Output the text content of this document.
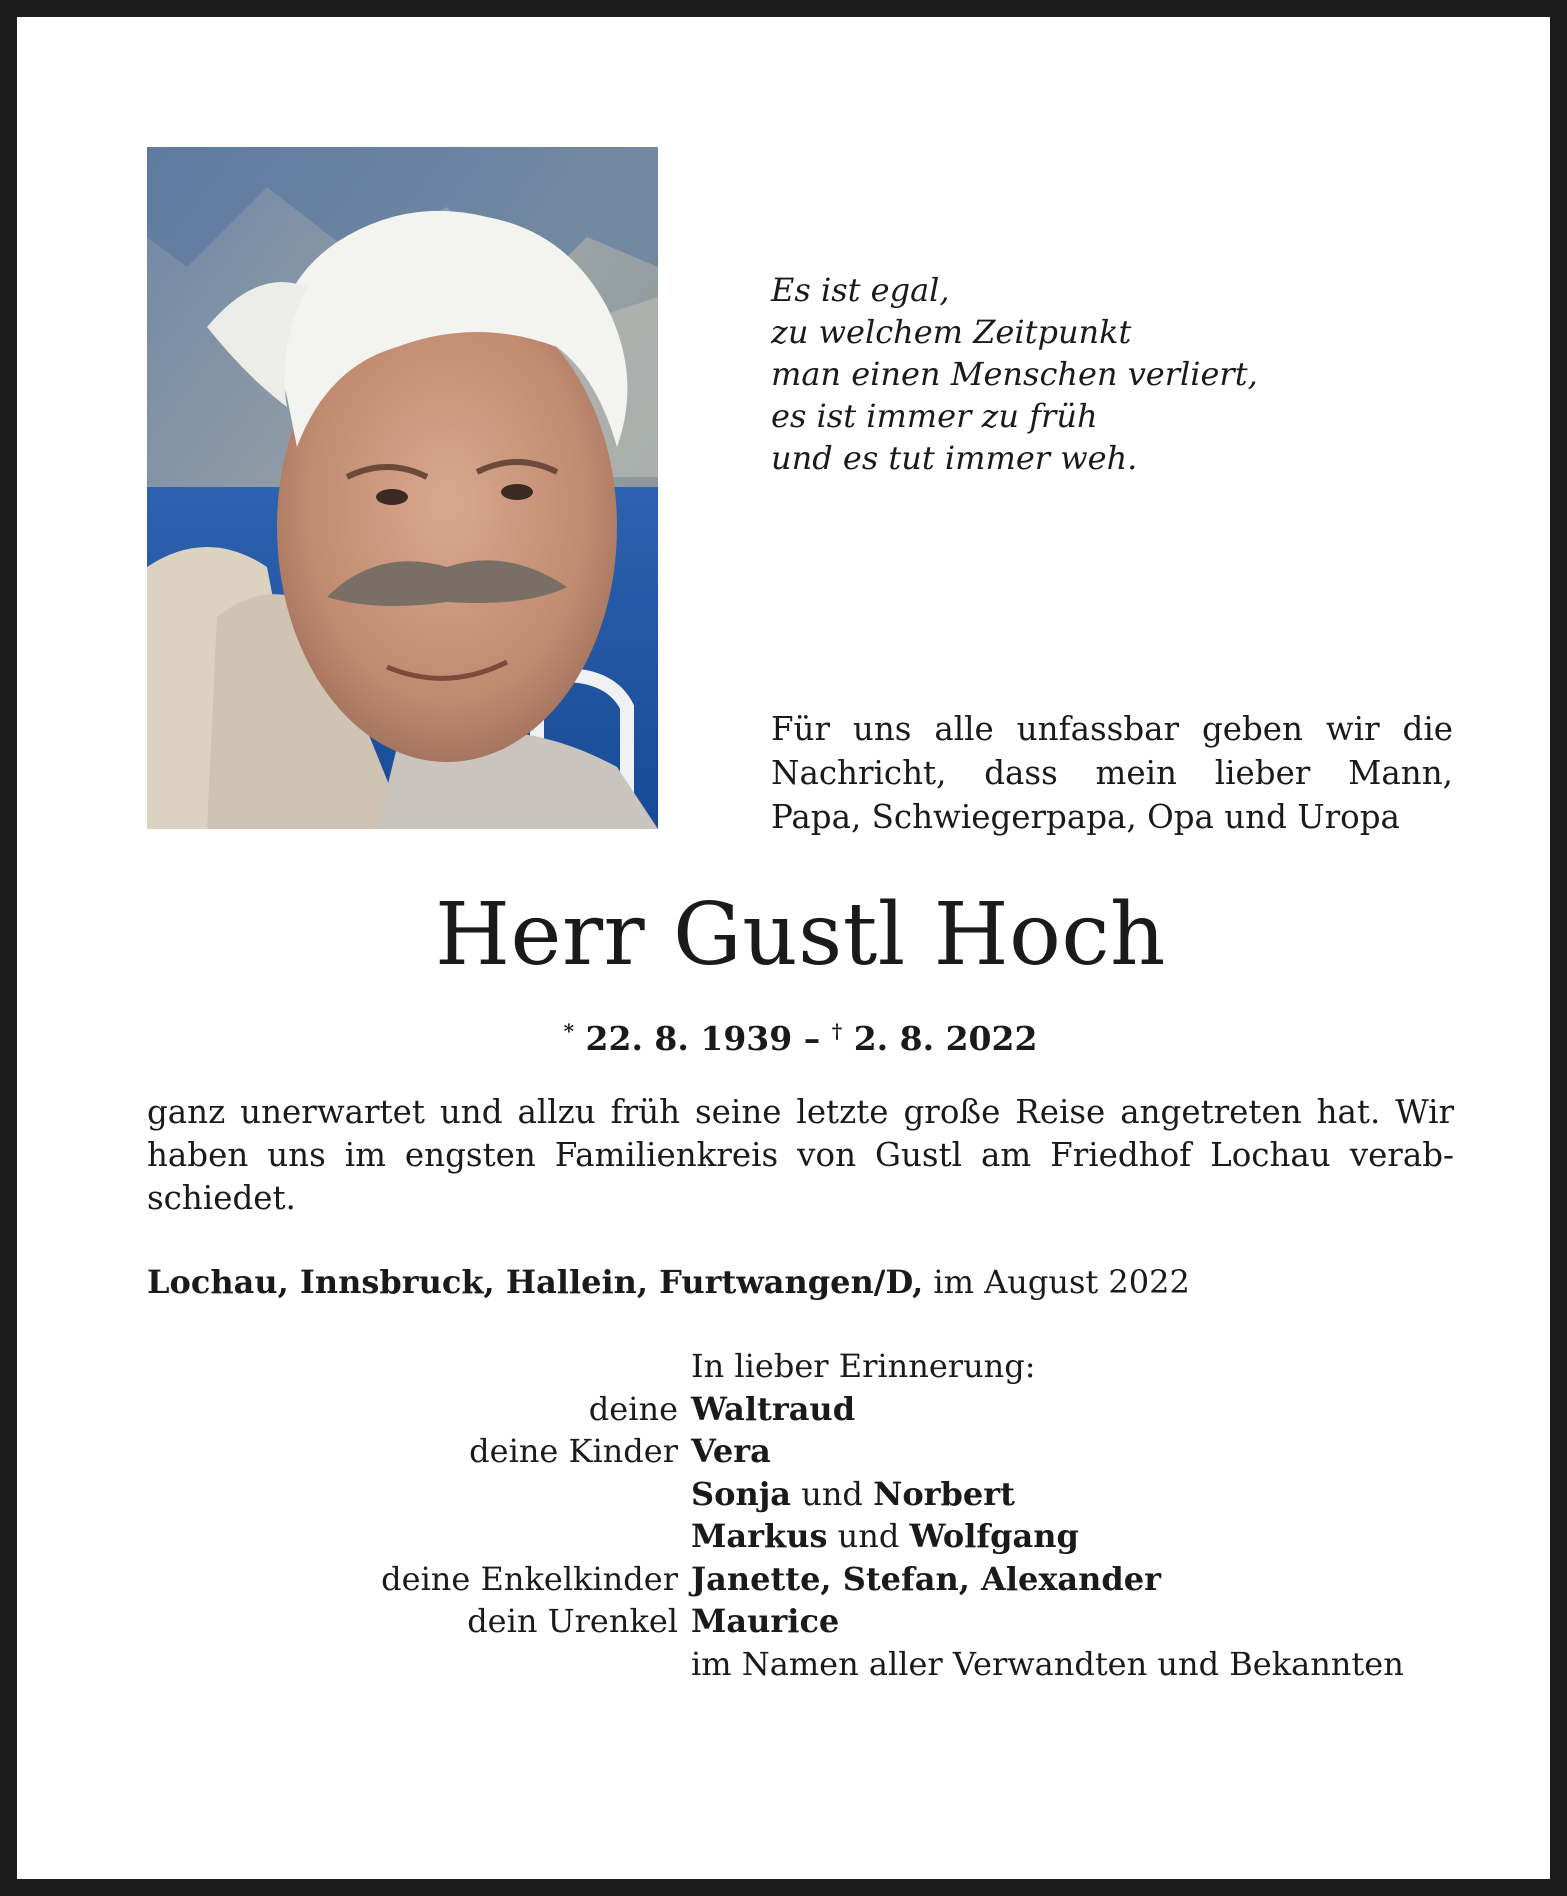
Es ist egal,
zu welchem Zeitpunkt
man einen Menschen verliert,
es ist immer zu früh
und es tut immer weh.
Für uns alle unfassbar geben wir die
Nachricht, dass mein lieber Mann,
Papa, Schwiegerpapa, Opa und Uropa
Herr Gustl Hoch
* 22. 8. 1939 – † 2. 8. 2022
ganz unerwartet und allzu früh seine letzte große Reise angetreten hat. Wir
haben uns im engsten Familienkreis von Gustl am Friedhof Lochau verab-
schiedet.
Lochau, Innsbruck, Hallein, Furtwangen/D, im August 2022
In lieber Erinnerung:
deine Waltraud
deine Kinder Vera
Sonja und Norbert
Markus und Wolfgang
deine Enkelkinder Janette, Stefan, Alexander
dein Urenkel Maurice
im Namen aller Verwandten und Bekannten
